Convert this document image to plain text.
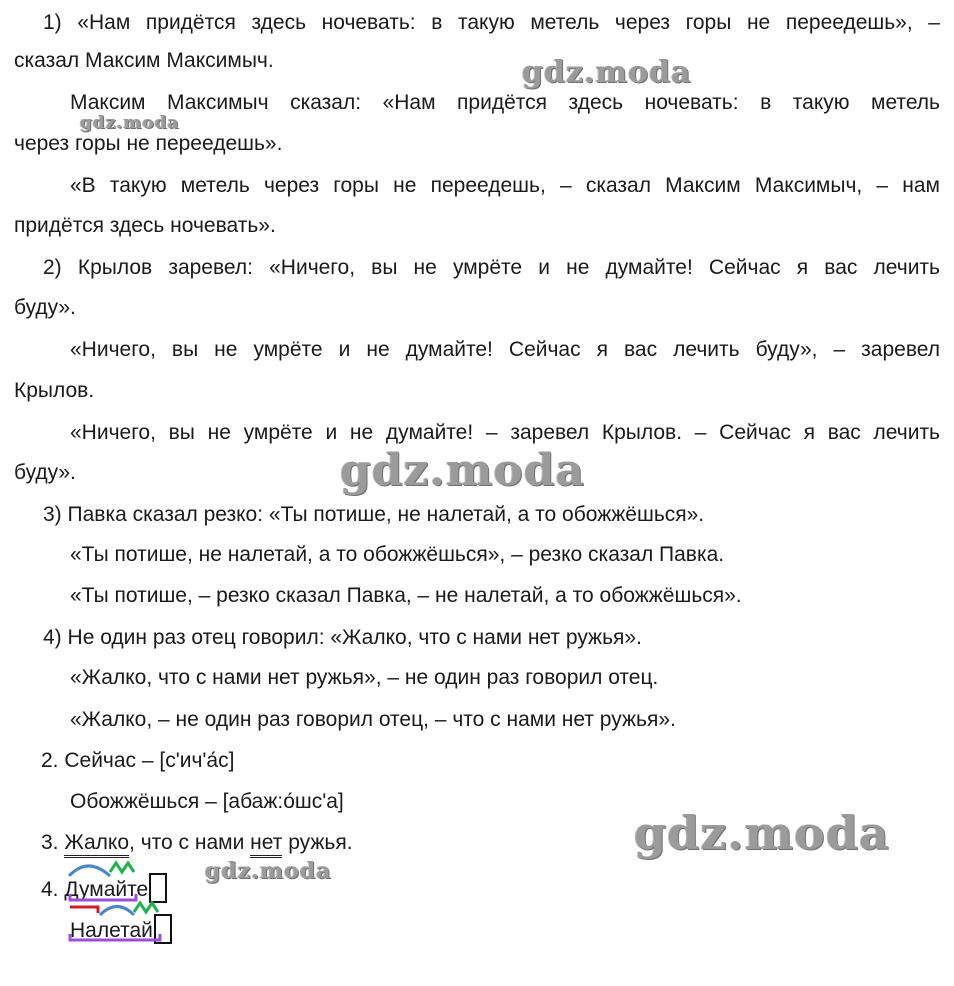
1) «Нам придётся здесь ночевать: в такую метель через горы не переедешь», –
сказал Максим Максимыч.
Максим Максимыч сказал: «Нам придётся здесь ночевать: в такую метель
через горы не переедешь».
«В такую метель через горы не переедешь, – сказал Максим Максимыч, – нам
придётся здесь ночевать».
2) Крылов заревел: «Ничего, вы не умрёте и не думайте! Сейчас я вас лечить
буду».
«Ничего, вы не умрёте и не думайте! Сейчас я вас лечить буду», – заревел
Крылов.
«Ничего, вы не умрёте и не думайте! – заревел Крылов. – Сейчас я вас лечить
буду».
3) Павка сказал резко: «Ты потише, не налетай, а то обожжёшься».
«Ты потише, не налетай, а то обожжёшься», – резко сказал Павка.
«Ты потише, – резко сказал Павка, – не налетай, а то обожжёшься».
4) Не один раз отец говорил: «Жалко, что с нами нет ружья».
«Жалко, что с нами нет ружья», – не один раз говорил отец.
«Жалко, – не один раз говорил отец, – что с нами нет ружья».
2. Сейчас – [с'ич'а́с]
Обожжёшься – [абаж:о́шс'а]
3. Жалко, что с нами нет ружья.
4. Думайте
Налетай
gdz.moda
gdz.moda
gdz.moda
gdz.moda
gdz.moda
